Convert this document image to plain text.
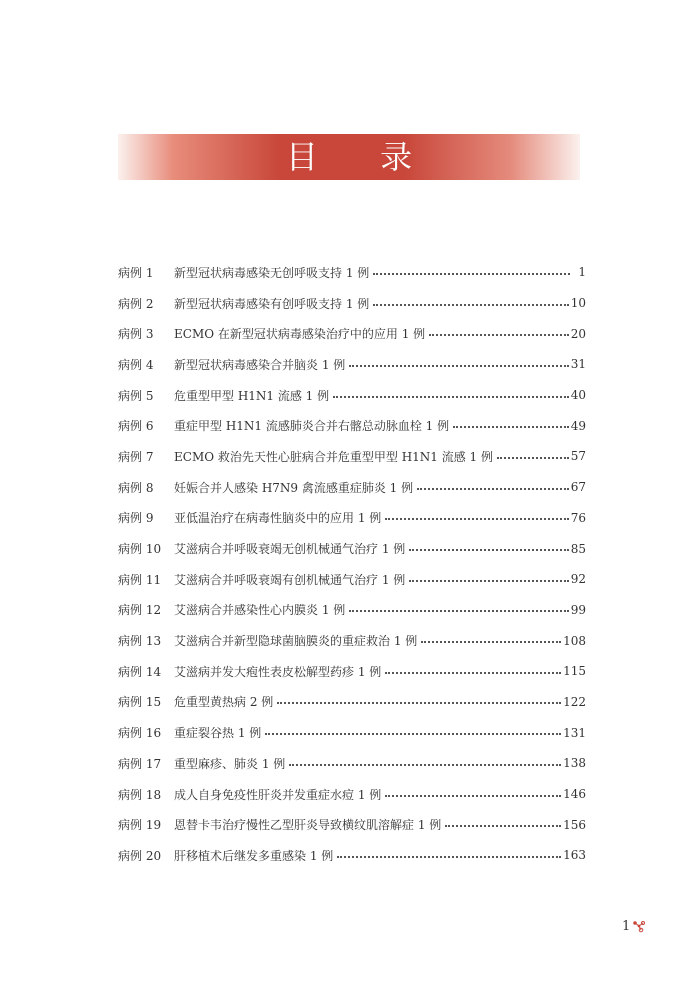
目 录
病例 1	新型冠状病毒感染无创呼吸支持 1 例	1
病例 2	新型冠状病毒感染有创呼吸支持 1 例	10
病例 3	ECMO 在新型冠状病毒感染治疗中的应用 1 例	20
病例 4	新型冠状病毒感染合并脑炎 1 例	31
病例 5	危重型甲型 H1N1 流感 1 例	40
病例 6	重症甲型 H1N1 流感肺炎合并右髂总动脉血栓 1 例	49
病例 7	ECMO 救治先天性心脏病合并危重型甲型 H1N1 流感 1 例	57
病例 8	妊娠合并人感染 H7N9 禽流感重症肺炎 1 例	67
病例 9	亚低温治疗在病毒性脑炎中的应用 1 例	76
病例 10	艾滋病合并呼吸衰竭无创机械通气治疗 1 例	85
病例 11	艾滋病合并呼吸衰竭有创机械通气治疗 1 例	92
病例 12	艾滋病合并感染性心内膜炎 1 例	99
病例 13	艾滋病合并新型隐球菌脑膜炎的重症救治 1 例	108
病例 14	艾滋病并发大疱性表皮松解型药疹 1 例	115
病例 15	危重型黄热病 2 例	122
病例 16	重症裂谷热 1 例	131
病例 17	重型麻疹、肺炎 1 例	138
病例 18	成人自身免疫性肝炎并发重症水痘 1 例	146
病例 19	恩替卡韦治疗慢性乙型肝炎导致横纹肌溶解症 1 例	156
病例 20	肝移植术后继发多重感染 1 例	163
1
